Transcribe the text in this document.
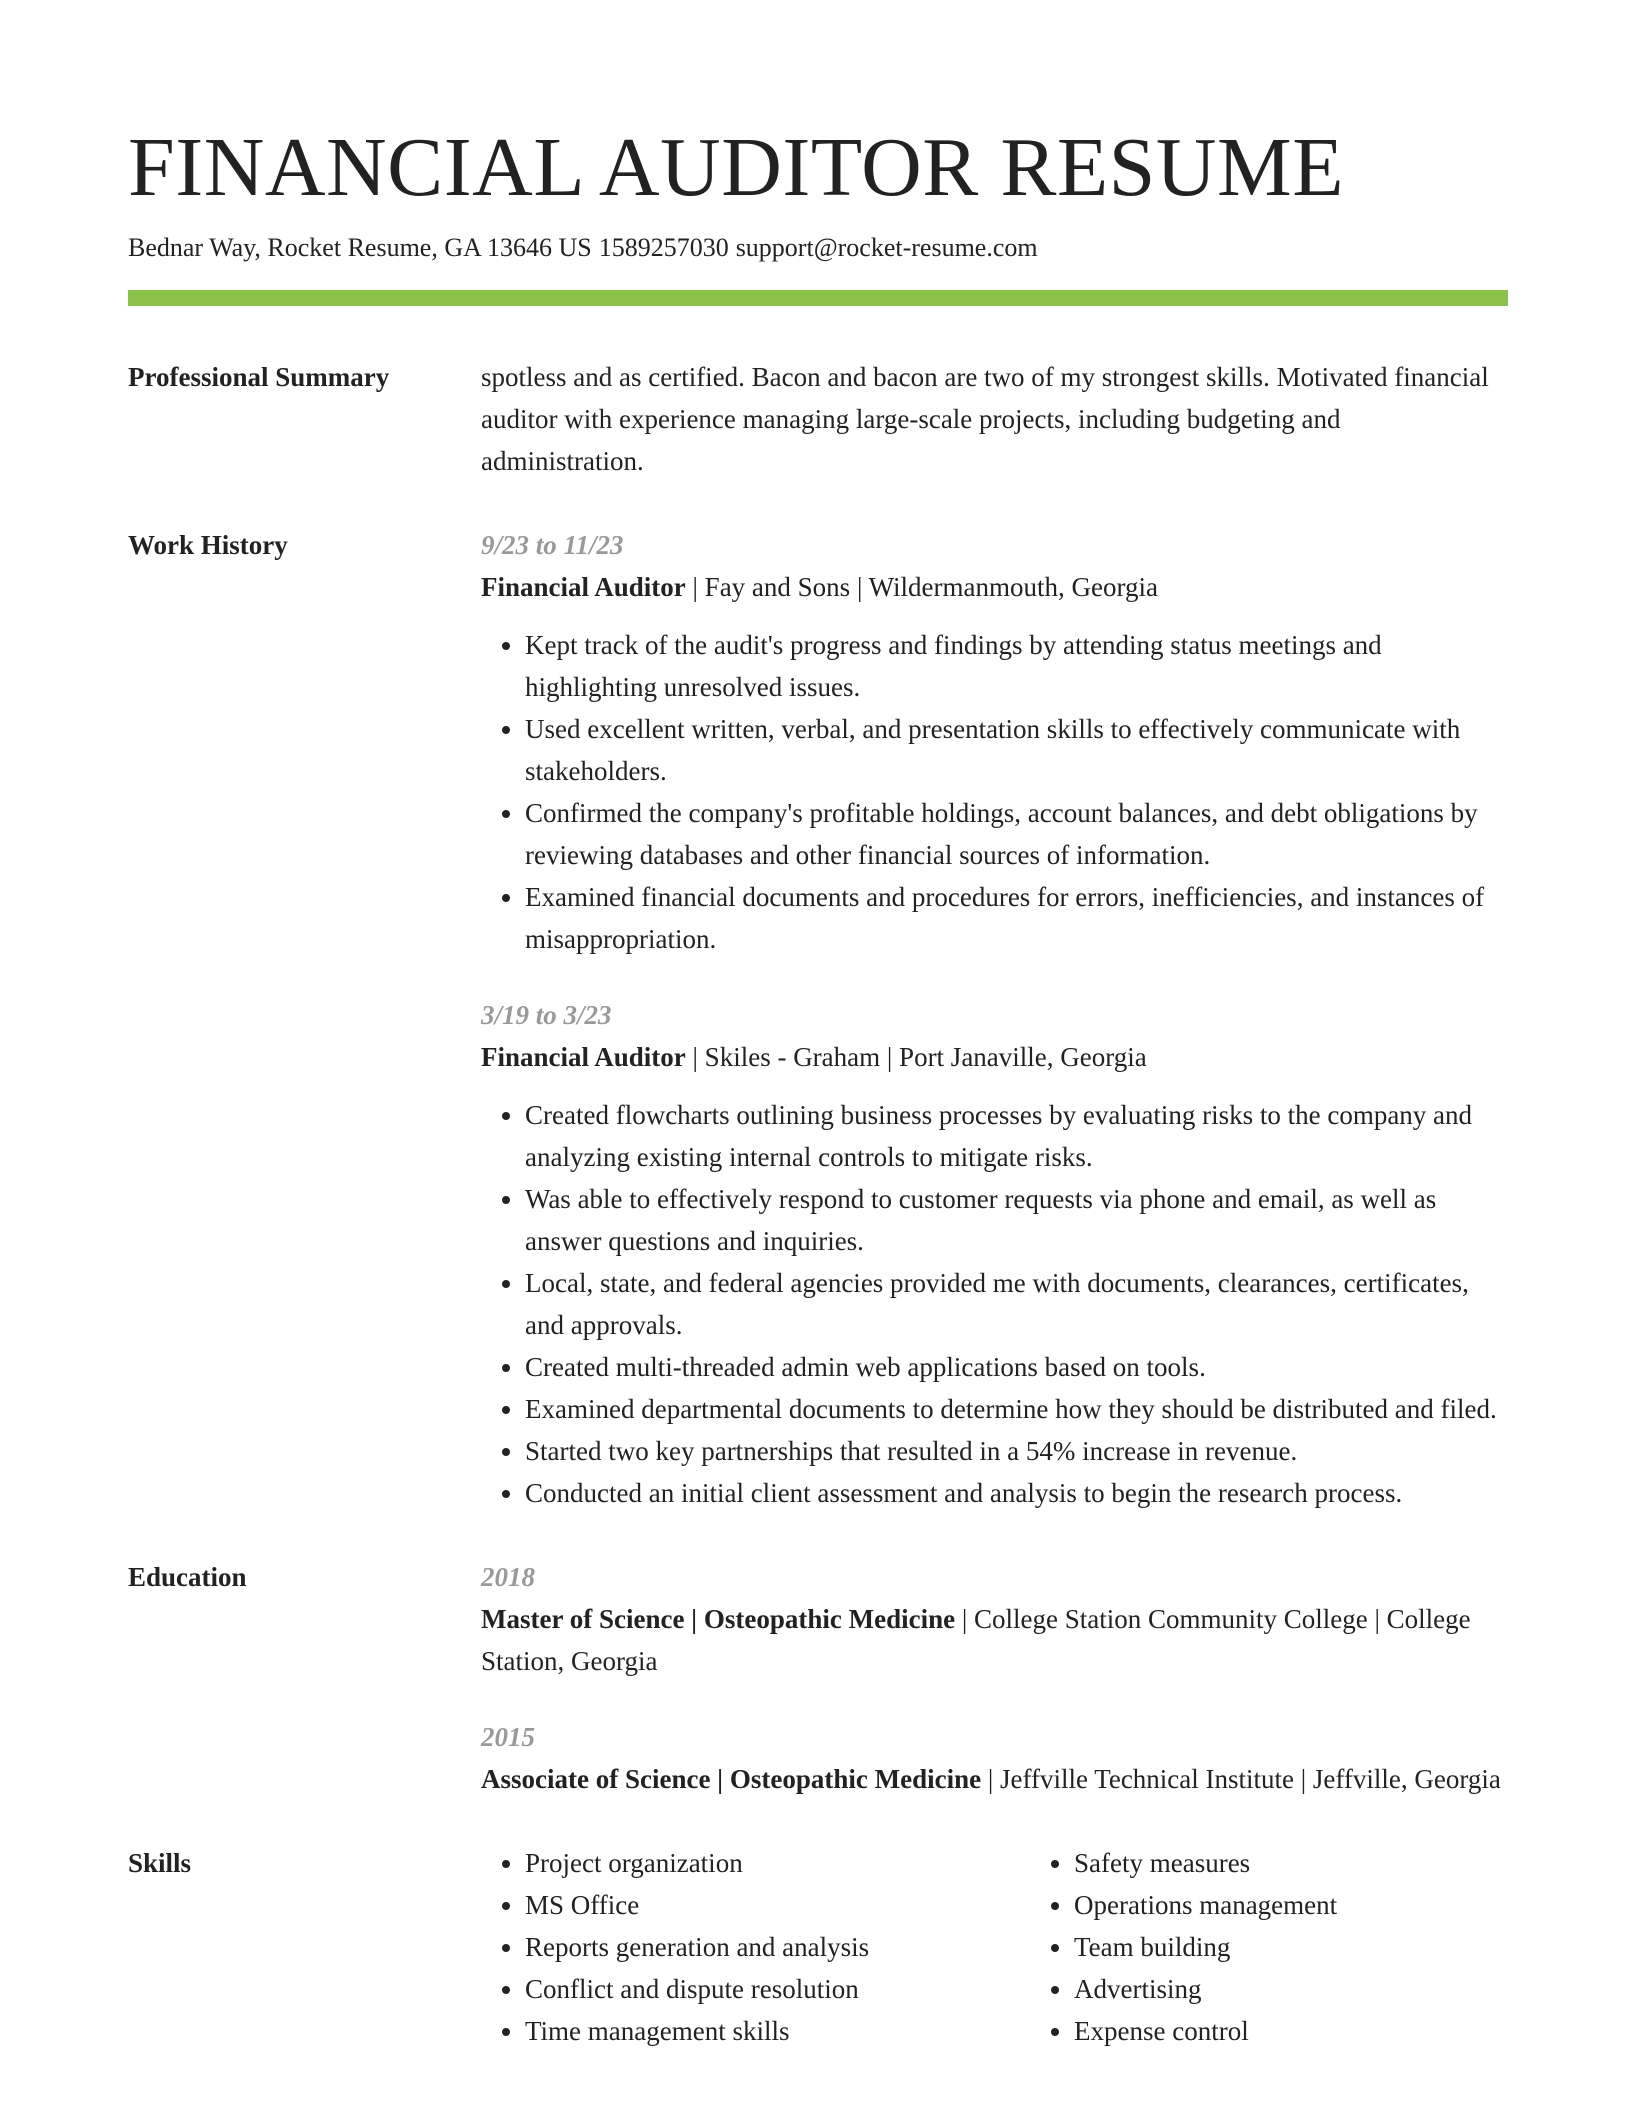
FINANCIAL AUDITOR RESUME
Bednar Way, Rocket Resume, GA 13646 US 1589257030 support@rocket-resume.com
Professional Summary	spotless and as certified. Bacon and bacon are two of my strongest skills. Motivated financial auditor with experience managing large-scale projects, including budgeting and administration.

Work History	9/23 to 11/23
Financial Auditor | Fay and Sons | Wildermanmouth, Georgia
• Kept track of the audit's progress and findings by attending status meetings and highlighting unresolved issues.
• Used excellent written, verbal, and presentation skills to effectively communicate with stakeholders.
• Confirmed the company's profitable holdings, account balances, and debt obligations by reviewing databases and other financial sources of information.
• Examined financial documents and procedures for errors, inefficiencies, and instances of misappropriation.
3/19 to 3/23
Financial Auditor | Skiles - Graham | Port Janaville, Georgia
• Created flowcharts outlining business processes by evaluating risks to the company and analyzing existing internal controls to mitigate risks.
• Was able to effectively respond to customer requests via phone and email, as well as answer questions and inquiries.
• Local, state, and federal agencies provided me with documents, clearances, certificates, and approvals.
• Created multi-threaded admin web applications based on tools.
• Examined departmental documents to determine how they should be distributed and filed.
• Started two key partnerships that resulted in a 54% increase in revenue.
• Conducted an initial client assessment and analysis to begin the research process.
Education	2018
Master of Science | Osteopathic Medicine | College Station Community College | College Station, Georgia
2015
Associate of Science | Osteopathic Medicine | Jeffville Technical Institute | Jeffville, Georgia
Skills
•	Project organization
• MS Office
• Reports generation and analysis
• Conflict and dispute resolution
• Time management skills
• Safety measures
• Operations management
• Team building
• Advertising
• Expense control
